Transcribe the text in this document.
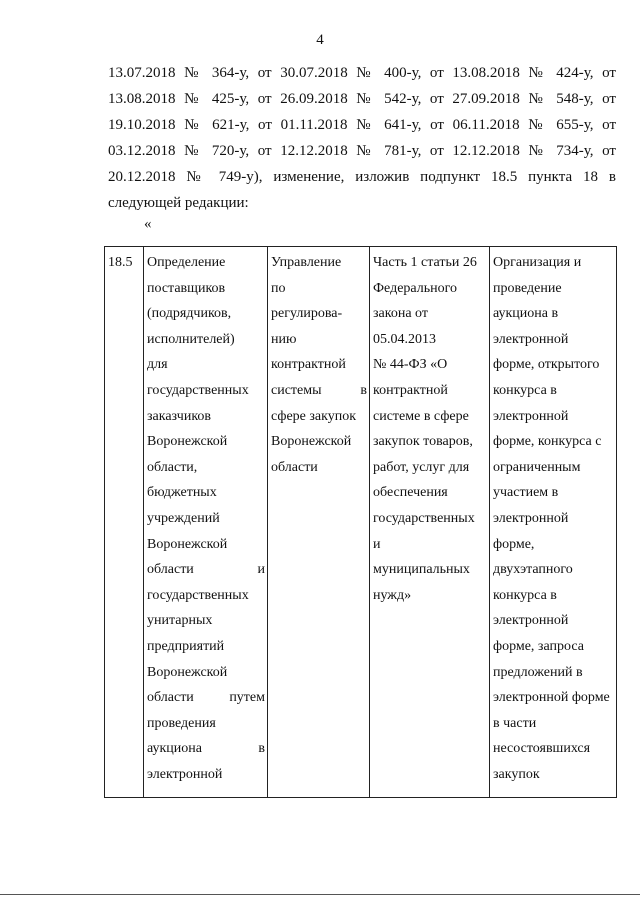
4
13.07.2018 № 364-у, от 30.07.2018 № 400-у, от 13.08.2018 № 424-у, от
13.08.2018 № 425-у, от 26.09.2018 № 542-у, от 27.09.2018 № 548-у, от
19.10.2018 № 621-у, от 01.11.2018 № 641-у, от 06.11.2018 № 655-у, от
03.12.2018 № 720-у, от 12.12.2018 № 781-у, от 12.12.2018 № 734-у, от
20.12.2018 № 749-у), изменение, изложив подпункт 18.5 пункта 18 в
следующей редакции:
«
18.5	Определение
поставщиков
(подрядчиков,
исполнителей)
для
государственных
заказчиков
Воронежской
области,
бюджетных
учреждений
Воронежской
области и
государственных
унитарных
предприятий
Воронежской
области путем
проведения
аукциона в
электронной

Управление
по
регулирова-
нию
контрактной
системы в
сфере закупок
Воронежской
области

Часть 1 статьи 26
Федерального
закона от
05.04.2013
№ 44-ФЗ «О
контрактной
системе в сфере
закупок товаров,
работ, услуг для
обеспечения
государственных
и
муниципальных
нужд»

Организация и
проведение
аукциона в
электронной
форме, открытого
конкурса в
электронной
форме, конкурса с
ограниченным
участием в
электронной
форме,
двухэтапного
конкурса в
электронной
форме, запроса
предложений в
электронной форме
в части
несостоявшихся
закупок
